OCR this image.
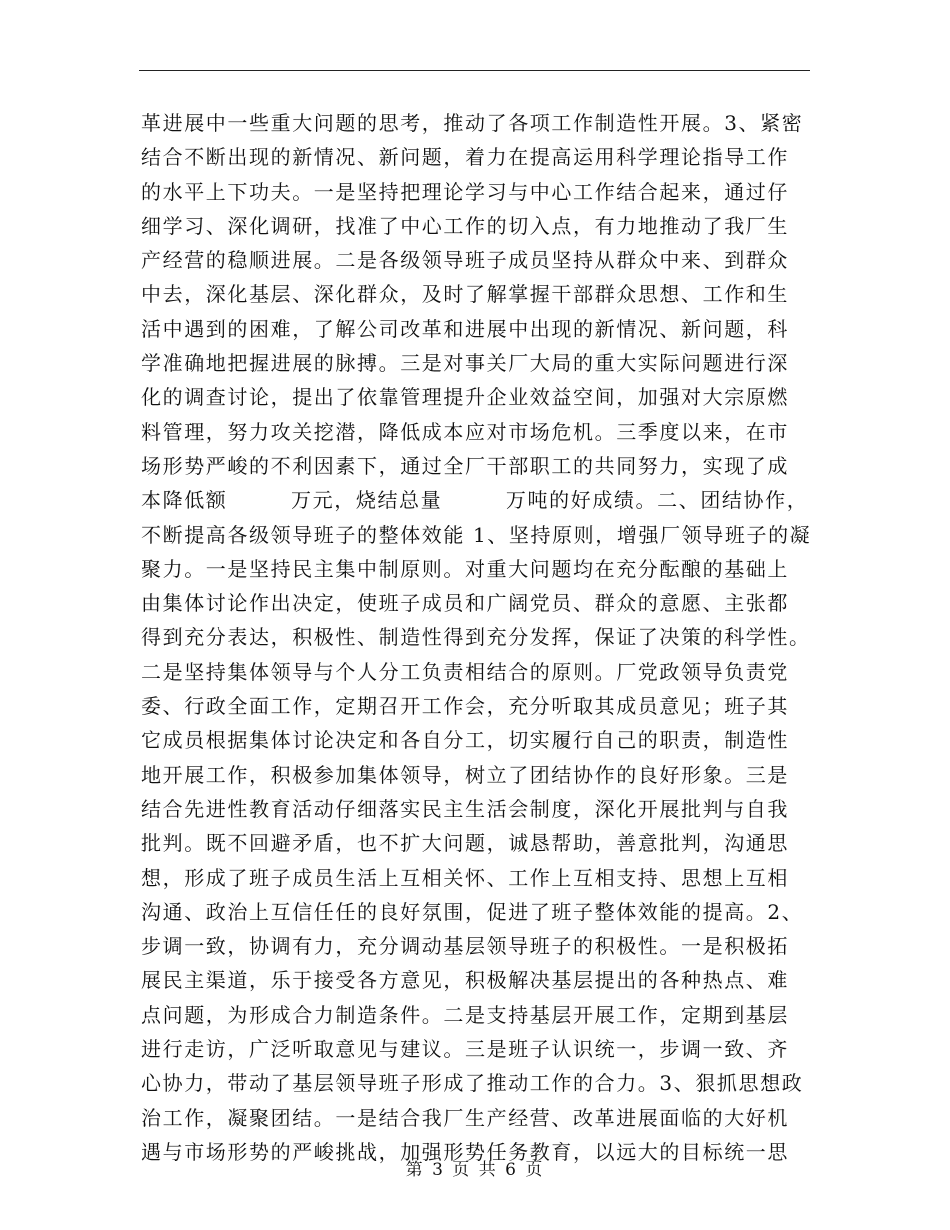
革进展中一些重大问题的思考，推动了各项工作制造性开展。3、紧密
结合不断出现的新情况、新问题，着力在提高运用科学理论指导工作
的水平上下功夫。一是坚持把理论学习与中心工作结合起来，通过仔
细学习、深化调研，找准了中心工作的切入点，有力地推动了我厂生
产经营的稳顺进展。二是各级领导班子成员坚持从群众中来、到群众
中去，深化基层、深化群众，及时了解掌握干部群众思想、工作和生
活中遇到的困难，了解公司改革和进展中出现的新情况、新问题，科
学准确地把握进展的脉搏。三是对事关厂大局的重大实际问题进行深
化的调查讨论，提出了依靠管理提升企业效益空间，加强对大宗原燃
料管理，努力攻关挖潜，降低成本应对市场危机。三季度以来，在市
场形势严峻的不利因素下，通过全厂干部职工的共同努力，实现了成
本降低额        万元，烧结总量        万吨的好成绩。二、团结协作，
不断提高各级领导班子的整体效能 1、坚持原则，增强厂领导班子的凝
聚力。一是坚持民主集中制原则。对重大问题均在充分酝酿的基础上
由集体讨论作出决定，使班子成员和广阔党员、群众的意愿、主张都
得到充分表达，积极性、制造性得到充分发挥，保证了决策的科学性。
二是坚持集体领导与个人分工负责相结合的原则。厂党政领导负责党
委、行政全面工作，定期召开工作会，充分听取其成员意见；班子其
它成员根据集体讨论决定和各自分工，切实履行自己的职责，制造性
地开展工作，积极参加集体领导，树立了团结协作的良好形象。三是
结合先进性教育活动仔细落实民主生活会制度，深化开展批判与自我
批判。既不回避矛盾，也不扩大问题，诚恳帮助，善意批判，沟通思
想，形成了班子成员生活上互相关怀、工作上互相支持、思想上互相
沟通、政治上互信任任的良好氛围，促进了班子整体效能的提高。2、
步调一致，协调有力，充分调动基层领导班子的积极性。一是积极拓
展民主渠道，乐于接受各方意见，积极解决基层提出的各种热点、难
点问题，为形成合力制造条件。二是支持基层开展工作，定期到基层
进行走访，广泛听取意见与建议。三是班子认识统一，步调一致、齐
心协力，带动了基层领导班子形成了推动工作的合力。3、狠抓思想政
治工作，凝聚团结。一是结合我厂生产经营、改革进展面临的大好机
遇与市场形势的严峻挑战，加强形势任务教育，以远大的目标统一思
第 3 页 共 6 页
